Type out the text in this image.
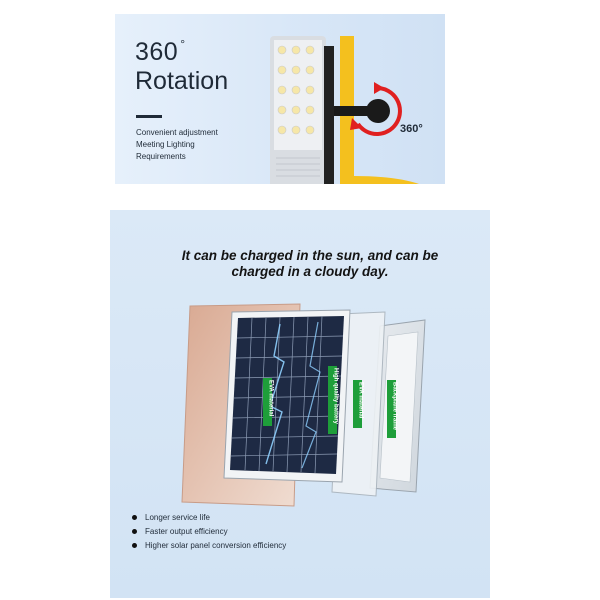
360 °
Rotation
Convenient adjustment
Meeting Lighting
Requirements
360°
It can be charged in the sun, and can be
charged in a cloudy day.
EVA material	High quality battery	EVA material	Backplane frame
Longer service life
Faster output efficiency
Higher solar panel conversion efficiency
